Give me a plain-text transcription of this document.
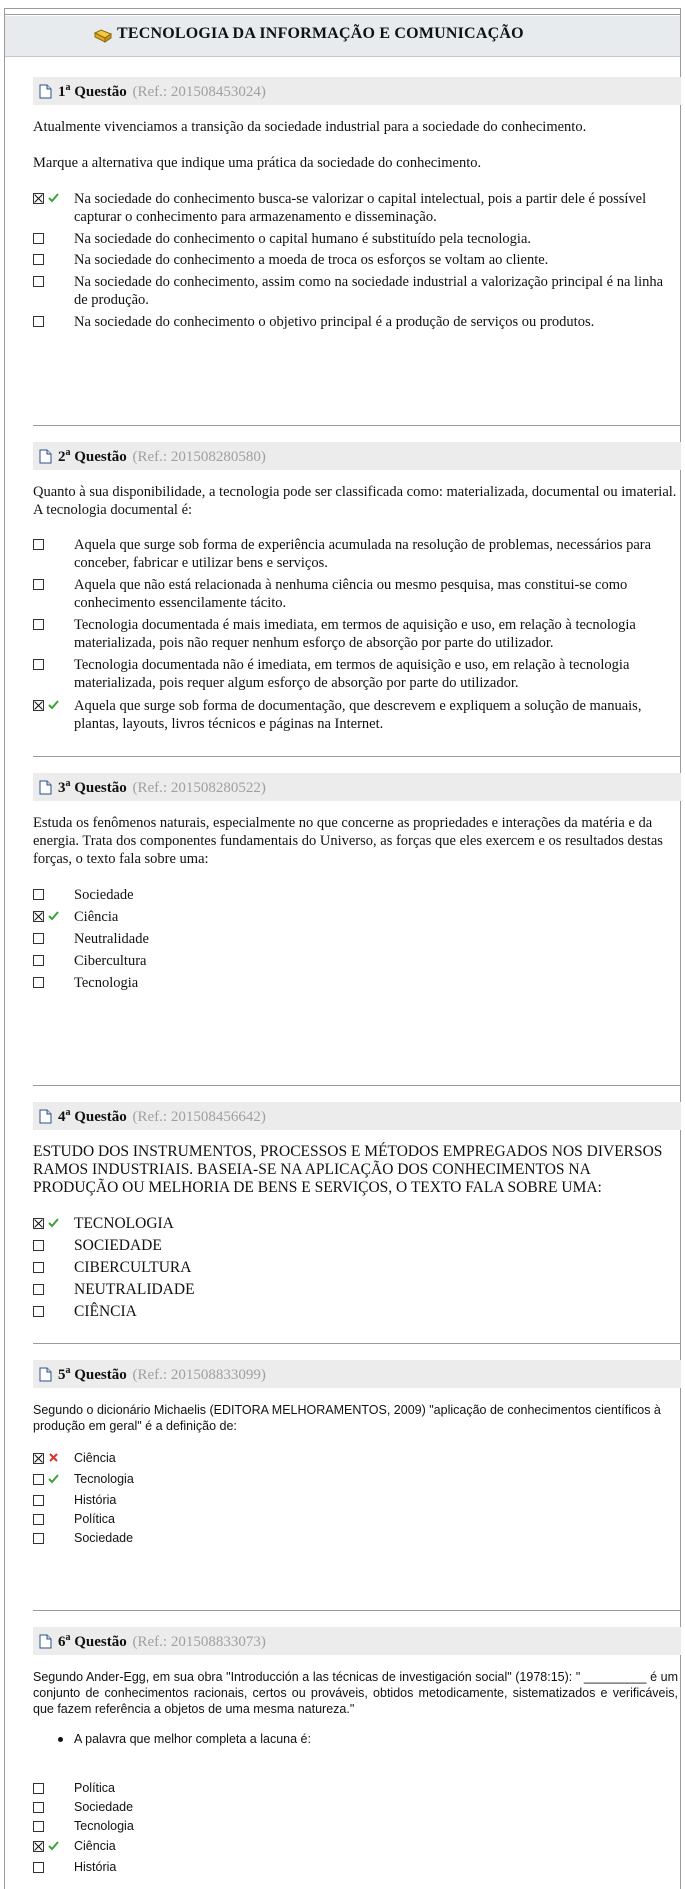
TECNOLOGIA DA INFORMAÇÃO E COMUNICAÇÃO
1$^a$ Questão (Ref.: 201508453024)

Atualmente vivenciamos a transição da sociedade industrial para a sociedade do conhecimento.

Marque a alternativa que indique uma prática da sociedade do conhecimento.

Na sociedade do conhecimento busca-se valorizar o capital intelectual, pois a partir dele é possível capturar o conhecimento para armazenamento e disseminação.
Na sociedade do conhecimento o capital humano é substituído pela tecnologia.
Na sociedade do conhecimento a moeda de troca os esforços se voltam ao cliente.
Na sociedade do conhecimento, assim como na sociedade industrial a valorização principal é na linha de produção.
Na sociedade do conhecimento o objetivo principal é a produção de serviços ou produtos.
2$^a$ Questão (Ref.: 201508280580)

Quanto à sua disponibilidade, a tecnologia pode ser classificada como: materializada, documental ou imaterial. A tecnologia documental é:

Aquela que surge sob forma de experiência acumulada na resolução de problemas, necessários para conceber, fabricar e utilizar bens e serviços.
Aquela que não está relacionada à nenhuma ciência ou mesmo pesquisa, mas constitui-se como conhecimento essencilamente tácito.
Tecnologia documentada é mais imediata, em termos de aquisição e uso, em relação à tecnologia materializada, pois não requer nenhum esforço de absorção por parte do utilizador.
Tecnologia documentada não é imediata, em termos de aquisição e uso, em relação à tecnologia materializada, pois requer algum esforço de absorção por parte do utilizador.
Aquela que surge sob forma de documentação, que descrevem e expliquem a solução de manuais, plantas, layouts, livros técnicos e páginas na Internet.
3$^a$ Questão (Ref.: 201508280522)

Estuda os fenômenos naturais, especialmente no que concerne as propriedades e interações da matéria e da energia. Trata dos componentes fundamentais do Universo, as forças que eles exercem e os resultados destas forças, o texto fala sobre uma:

Sociedade
Ciência
Neutralidade
Cibercultura
Tecnologia
4$^a$ Questão (Ref.: 201508456642)

ESTUDO DOS INSTRUMENTOS, PROCESSOS E MÉTODOS EMPREGADOS NOS DIVERSOS RAMOS INDUSTRIAIS. BASEIA-SE NA APLICAÇÃO DOS CONHECIMENTOS NA PRODUÇÃO OU MELHORIA DE BENS E SERVIÇOS, O TEXTO FALA SOBRE UMA:

TECNOLOGIA
SOCIEDADE
CIBERCULTURA
NEUTRALIDADE
CIÊNCIA
5$^a$ Questão (Ref.: 201508833099)

Segundo o dicionário Michaelis (EDITORA MELHORAMENTOS, 2009) "aplicação de conhecimentos científicos à produção em geral" é a definição de:

Ciência
Tecnologia
História
Política
Sociedade
6$^a$ Questão (Ref.: 201508833073)

Segundo Ander-Egg, em sua obra "Introducción a las técnicas de investigación social" (1978:15): " _________ é um conjunto de conhecimentos racionais, certos ou prováveis, obtidos metodicamente, sistematizados e verificáveis, que fazem referência a objetos de uma mesma natureza."

A palavra que melhor completa a lacuna é:
Política
Sociedade
Tecnologia
Ciência
História
